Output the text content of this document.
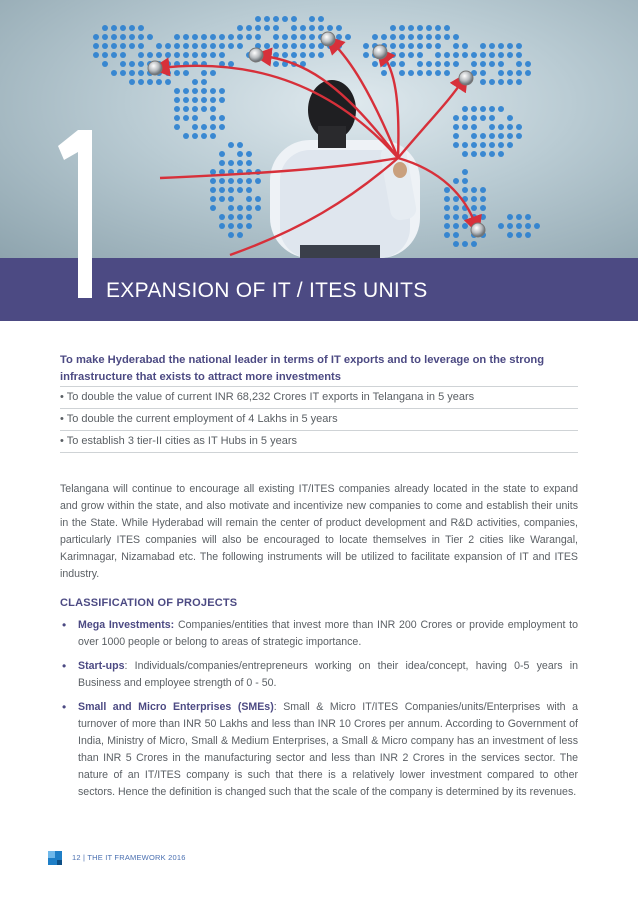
EXPANSION OF IT / ITES UNITS
To make Hyderabad the national leader in terms of IT exports and to leverage on the strong infrastructure that exists to attract more investments
• To double the value of current INR 68,232 Crores IT exports in Telangana in 5 years
• To double the current employment of 4 Lakhs in 5 years
• To establish 3 tier-II cities as IT Hubs in 5 years

Telangana will continue to encourage all existing IT/ITES companies already located in the state to expand and grow within the state, and also motivate and incentivize new companies to come and establish their units in the State. While Hyderabad will remain the center of product development and R&D activities, companies, particularly ITES companies will also be encouraged to locate themselves in Tier 2 cities like Warangal, Karimnagar, Nizamabad etc. The following instruments will be utilized to facilitate expansion of IT and ITES industry.

CLASSIFICATION OF PROJECTS
• Mega Investments: Companies/entities that invest more than INR 200 Crores or provide employment to over 1000 people or belong to areas of strategic importance.
• Start-ups: Individuals/companies/entrepreneurs working on their idea/concept, having 0-5 years in Business and employee strength of 0 - 50.
• Small and Micro Enterprises (SMEs): Small & Micro IT/ITES Companies/units/Enterprises with a turnover of more than INR 50 Lakhs and less than INR 10 Crores per annum. According to Government of India, Ministry of Micro, Small & Medium Enterprises, a Small & Micro company has an investment of less than INR 5 Crores in the manufacturing sector and less than INR 2 Crores in the services sector. The nature of an IT/ITES company is such that there is a relatively lower investment compared to other sectors. Hence the definition is changed such that the scale of the company is determined by its revenues.
12 | THE IT FRAMEWORK 2016
